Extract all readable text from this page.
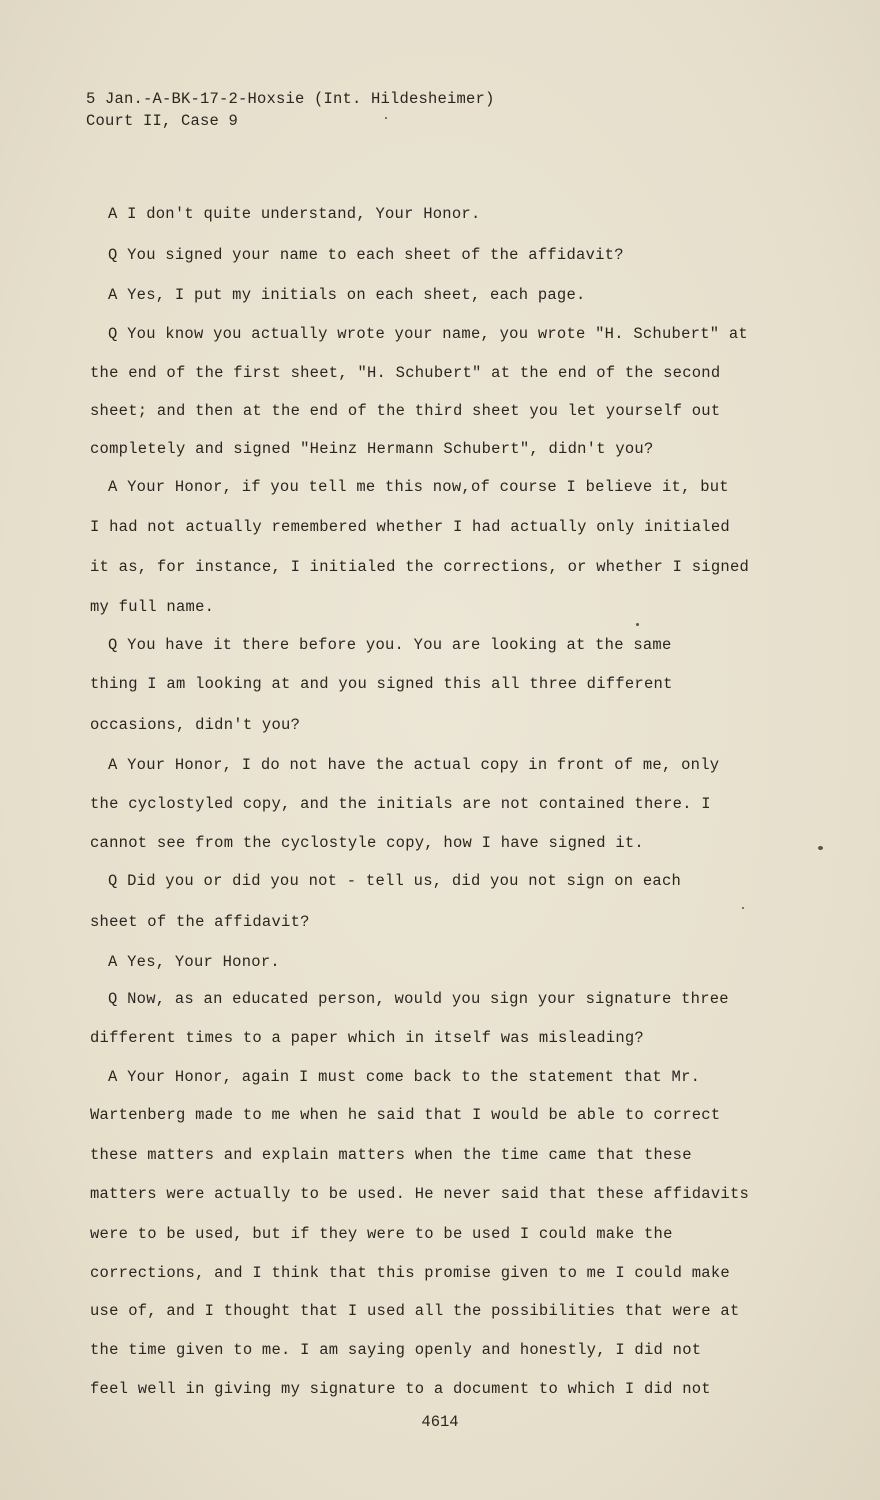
5 Jan.-A-BK-17-2-Hoxsie (Int. Hildesheimer)
Court II, Case 9
A I don't quite understand, Your Honor.
Q You signed your name to each sheet of the affidavit?
A Yes, I put my initials on each sheet, each page.
Q You know you actually wrote your name, you wrote "H. Schubert" at
the end of the first sheet, "H. Schubert" at the end of the second
sheet; and then at the end of the third sheet you let yourself out
completely and signed "Heinz Hermann Schubert", didn't you?
A Your Honor, if you tell me this now,of course I believe it, but
I had not actually remembered whether I had actually only initialed
it as, for instance, I initialed the corrections, or whether I signed
my full name.
Q You have it there before you. You are looking at the same
thing I am looking at and you signed this all three different
occasions, didn't you?
A Your Honor, I do not have the actual copy in front of me, only
the cyclostyled copy, and the initials are not contained there. I
cannot see from the cyclostyle copy, how I have signed it.
Q Did you or did you not - tell us, did you not sign on each
sheet of the affidavit?
A Yes, Your Honor.
Q Now, as an educated person, would you sign your signature three
different times to a paper which in itself was misleading?
A Your Honor, again I must come back to the statement that Mr.
Wartenberg made to me when he said that I would be able to correct
these matters and explain matters when the time came that these
matters were actually to be used. He never said that these affidavits
were to be used, but if they were to be used I could make the
corrections, and I think that this promise given to me I could make
use of, and I thought that I used all the possibilities that were at
the time given to me. I am saying openly and honestly, I did not
feel well in giving my signature to a document to which I did not
4614
